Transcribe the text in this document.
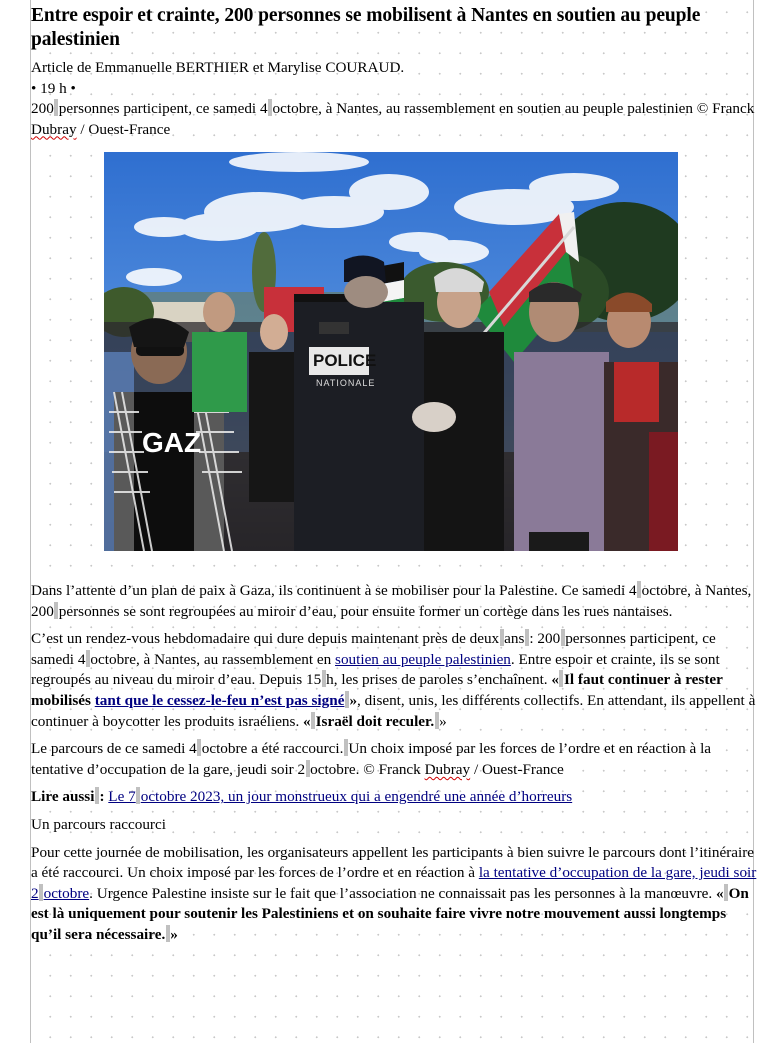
Entre espoir et crainte, 200 personnes se mobilisent à Nantes en soutien au peuple palestinien

Article de Emmanuelle BERTHIER et Marylise COURAUD.

• 19 h •

200 personnes participent, ce samedi 4 octobre, à Nantes, au rassemblement en soutien au peuple palestinien © Franck Dubray / Ouest-France

GAZ
POLICE
NATIONALE

Dans l’attente d’un plan de paix à Gaza, ils continuent à se mobiliser pour la Palestine. Ce samedi 4 octobre, à Nantes, 200 personnes se sont regroupées au miroir d’eau, pour ensuite former un cortège dans les rues nantaises.

C’est un rendez-vous hebdomadaire qui dure depuis maintenant près de deux ans : 200 personnes participent, ce samedi 4 octobre, à Nantes, au rassemblement en soutien au peuple palestinien. Entre espoir et crainte, ils se sont regroupés au niveau du miroir d’eau. Depuis 15 h, les prises de paroles s’enchaînent. « Il faut continuer à rester mobilisés tant que le cessez-le-feu n’est pas signé », disent, unis, les différents collectifs. En attendant, ils appellent à continuer à boycotter les produits israéliens. « Israël doit reculer. »

Le parcours de ce samedi 4 octobre a été raccourci. Un choix imposé par les forces de l’ordre et en réaction à la tentative d’occupation de la gare, jeudi soir 2 octobre. © Franck Dubray / Ouest-France

Lire aussi : Le 7 octobre 2023, un jour monstrueux qui a engendré une année d’horreurs

Un parcours raccourci

Pour cette journée de mobilisation, les organisateurs appellent les participants à bien suivre le parcours dont l’itinéraire a été raccourci. Un choix imposé par les forces de l’ordre et en réaction à la tentative d’occupation de la gare, jeudi soir 2 octobre. Urgence Palestine insiste sur le fait que l’association ne connaissait pas les personnes à la manœuvre. « On est là uniquement pour soutenir les Palestiniens et on souhaite faire vivre notre mouvement aussi longtemps qu’il sera nécessaire. »
